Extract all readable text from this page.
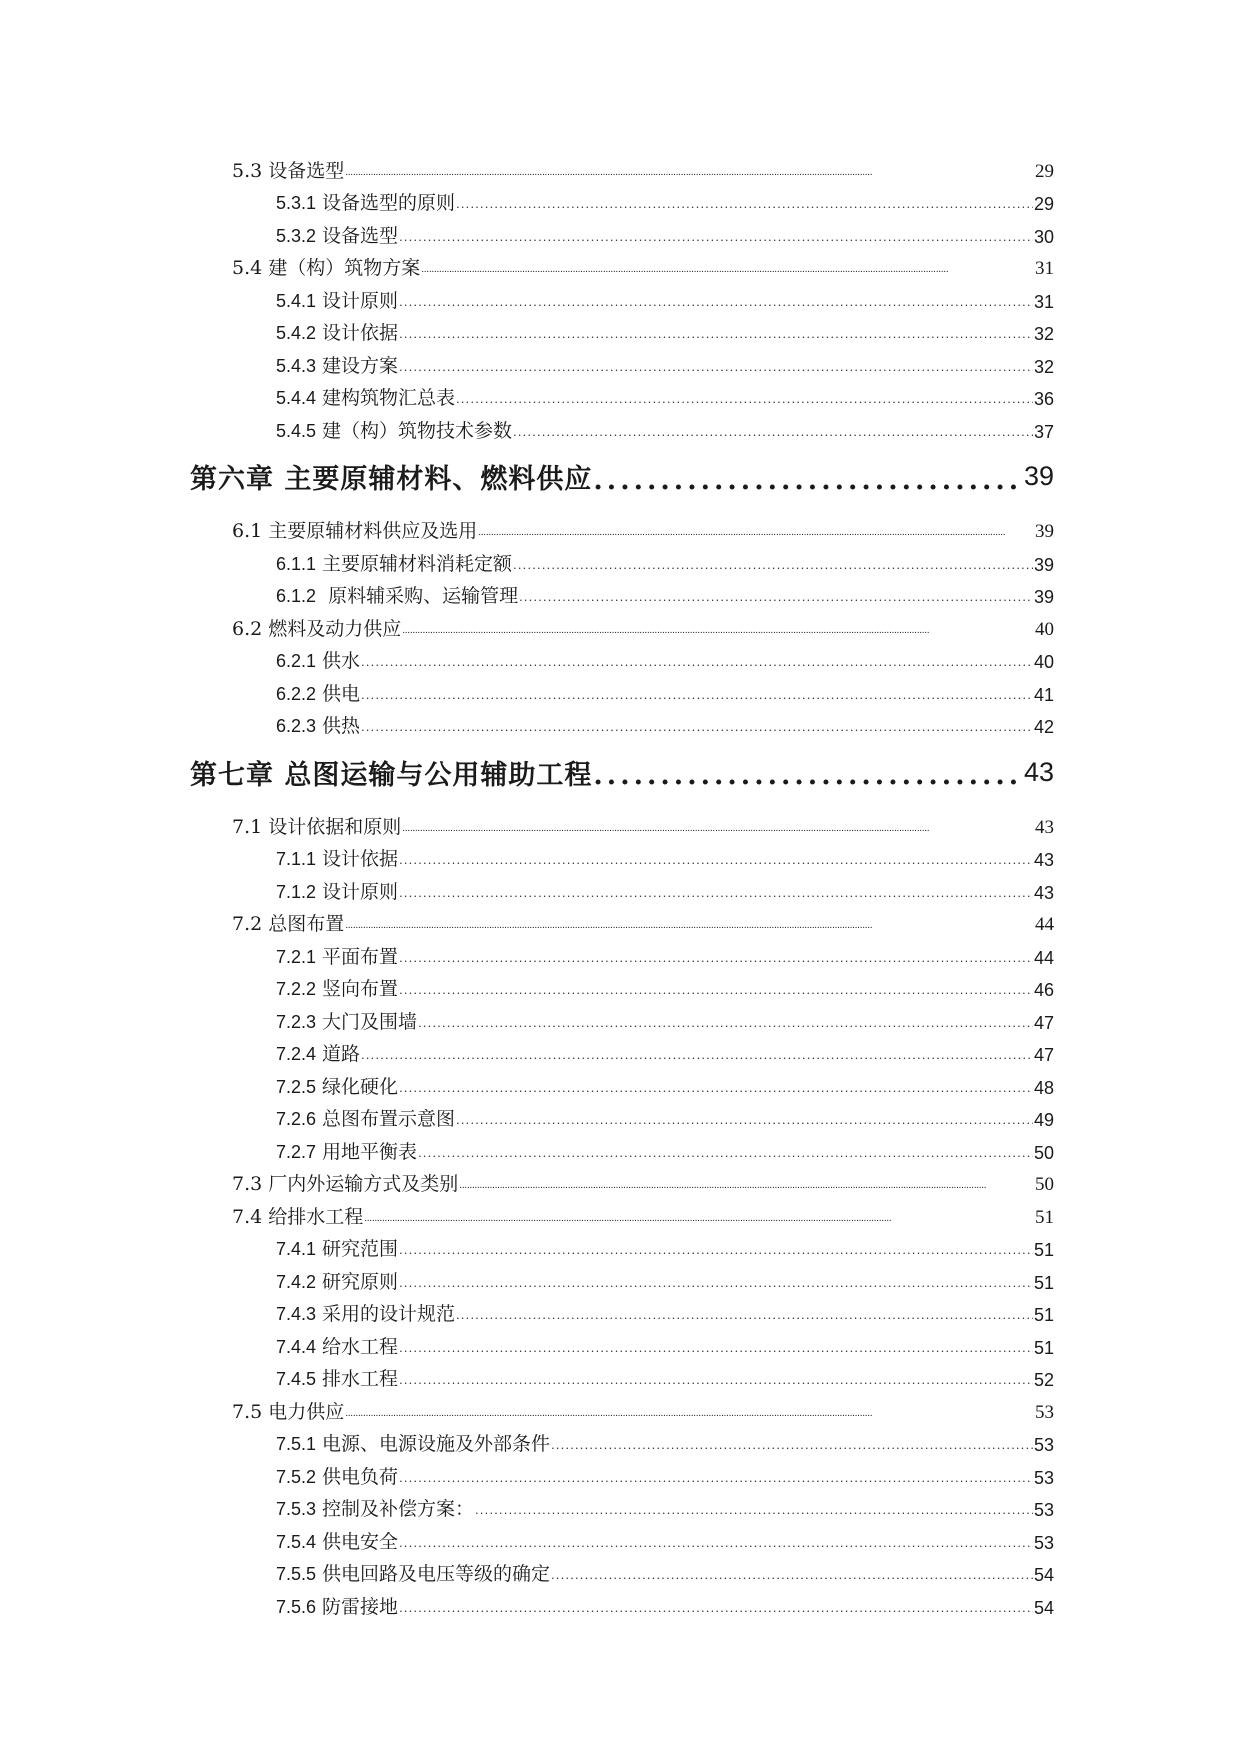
5.3 设备选型 . . .	29
5.3.1 设备选型的原则 . . .	29
5.3.2 设备选型 . . .	30
5.4 建（构）筑物方案 . . .	31
5.4.1 设计原则 . . .	31
5.4.2 设计依据 . . .	32
5.4.3 建设方案 . . .	32
5.4.4 建构筑物汇总表 . . .	36
5.4.5 建（构）筑物技术参数 . . .	37
第六章 主要原辅材料、燃料供应 .....	39
6.1 主要原辅材料供应及选用 . . .	39
6.1.1 主要原辅材料消耗定额 . . .	39
6.1.2 原料辅采购、运输管理 . . .	39
6.2 燃料及动力供应 . . .	40
6.2.1 供水 . . .	40
6.2.2 供电 . . .	41
6.2.3 供热 . . .	42
第七章 总图运输与公用辅助工程 .....	43
7.1 设计依据和原则 . . .	43
7.1.1 设计依据 . . .	43
7.1.2 设计原则 . . .	43
7.2 总图布置 . . .	44
7.2.1 平面布置 . . .	44
7.2.2 竖向布置 . . .	46
7.2.3 大门及围墙 . . .	47
7.2.4 道路 . . .	47
7.2.5 绿化硬化 . . .	48
7.2.6 总图布置示意图 . . .	49
7.2.7 用地平衡表 . . .	50
7.3 厂内外运输方式及类别 . . .	50
7.4 给排水工程 . . .	51
7.4.1 研究范围 . . .	51
7.4.2 研究原则 . . .	51
7.4.3 采用的设计规范 . . .	51
7.4.4 给水工程 . . .	51
7.4.5 排水工程 . . .	52
7.5 电力供应 . . .	53
7.5.1 电源、电源设施及外部条件 . . .	53
7.5.2 供电负荷 . . .	53
7.5.3 控制及补偿方案： . . .	53
7.5.4 供电安全 . . .	53
7.5.5 供电回路及电压等级的确定 . . .	54
7.5.6 防雷接地 . . .	54
